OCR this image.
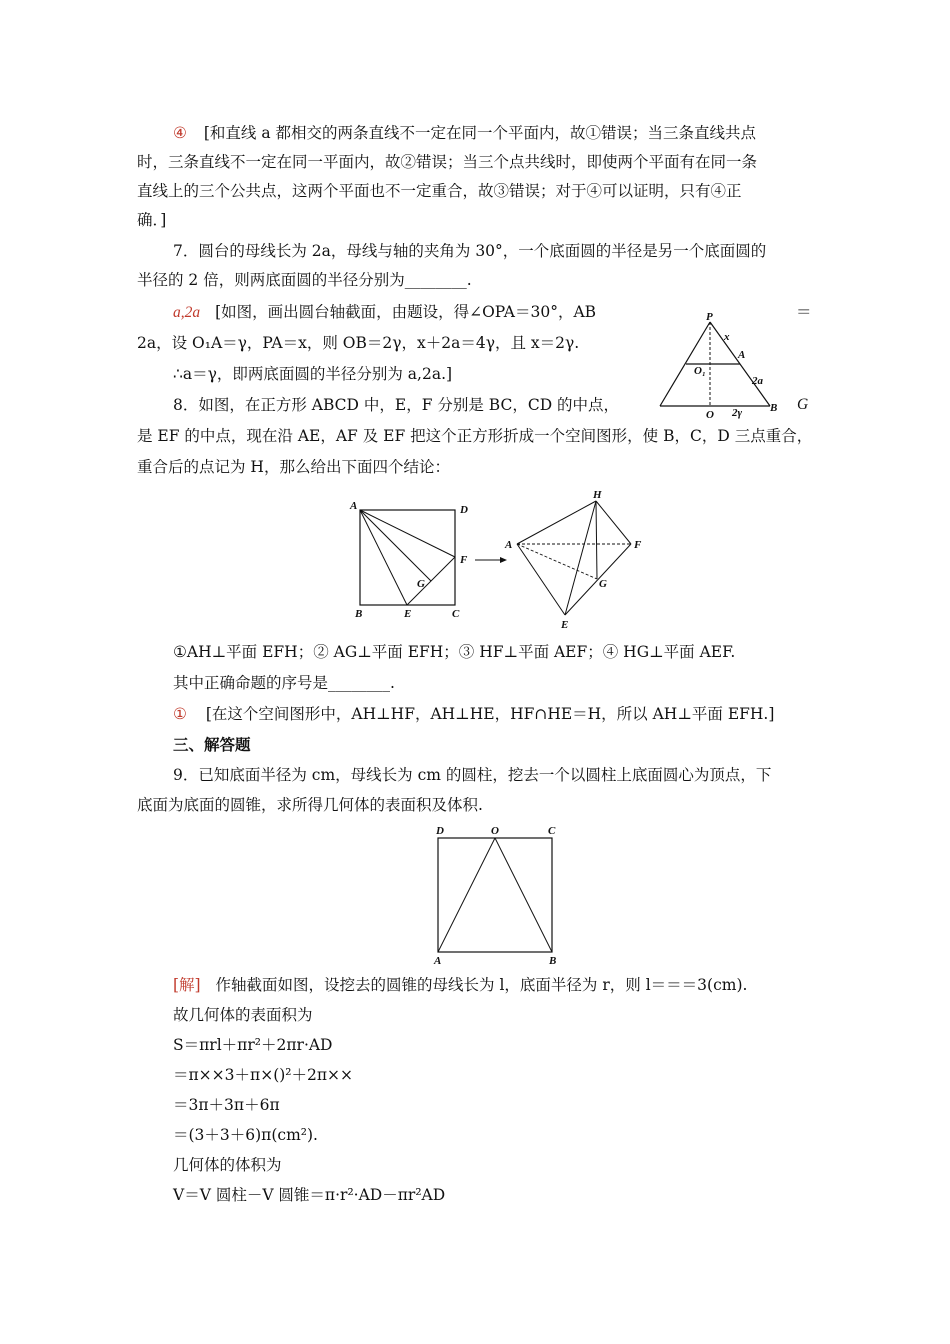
④ [和直线 a 都相交的两条直线不一定在同一个平面内，故①错误；当三条直线共点
时，三条直线不一定在同一平面内，故②错误；当三个点共线时，即使两个平面有在同一条
直线上的三个公共点，这两个平面也不一定重合，故③错误；对于④可以证明，只有④正
确．]
7．圆台的母线长为 2a，母线与轴的夹角为 30°，一个底面圆的半径是另一个底面圆的
半径的 2 倍，则两底面圆的半径分别为________.
a,2a [如图，画出圆台轴截面，由题设，得∠OPA＝30°，AB	＝
2a，设 O₁A＝γ，PA＝x，则 OB＝2γ，x＋2a＝4γ，且 x＝2γ.
∴a＝γ，即两底面圆的半径分别为 a,2a.]
P
x
A
O₁
2a
O 2γ	B
8．如图，在正方形 ABCD 中，E，F 分别是 BC，CD 的中点，	G
是 EF 的中点，现在沿 AE，AF 及 EF 把这个正方形折成一个空间图形，使 B，C，D 三点重合，
重合后的点记为 H，那么给出下面四个结论：
A	D
F
G
B	E	C
H
A	F
G
E
①AH⊥平面 EFH；② AG⊥平面 EFH；③ HF⊥平面 AEF；④ HG⊥平面 AEF.
其中正确命题的序号是________.
① [在这个空间图形中，AH⊥HF，AH⊥HE，HF∩HE＝H，所以 AH⊥平面 EFH.]
三、解答题
9．已知底面半径为 cm，母线长为 cm 的圆柱，挖去一个以圆柱上底面圆心为顶点，下
底面为底面的圆锥，求所得几何体的表面积及体积.
D	O	C
A	B
[解] 作轴截面如图，设挖去的圆锥的母线长为 l，底面半径为 r，则 l＝＝＝3(cm).
故几何体的表面积为
S＝πrl＋πr²＋2πr·AD
＝π××3＋π×()²＋2π××
＝3π＋3π＋6π
＝(3＋3＋6)π(cm²).
几何体的体积为
V＝V 圆柱－V 圆锥＝π·r²·AD－πr²AD
